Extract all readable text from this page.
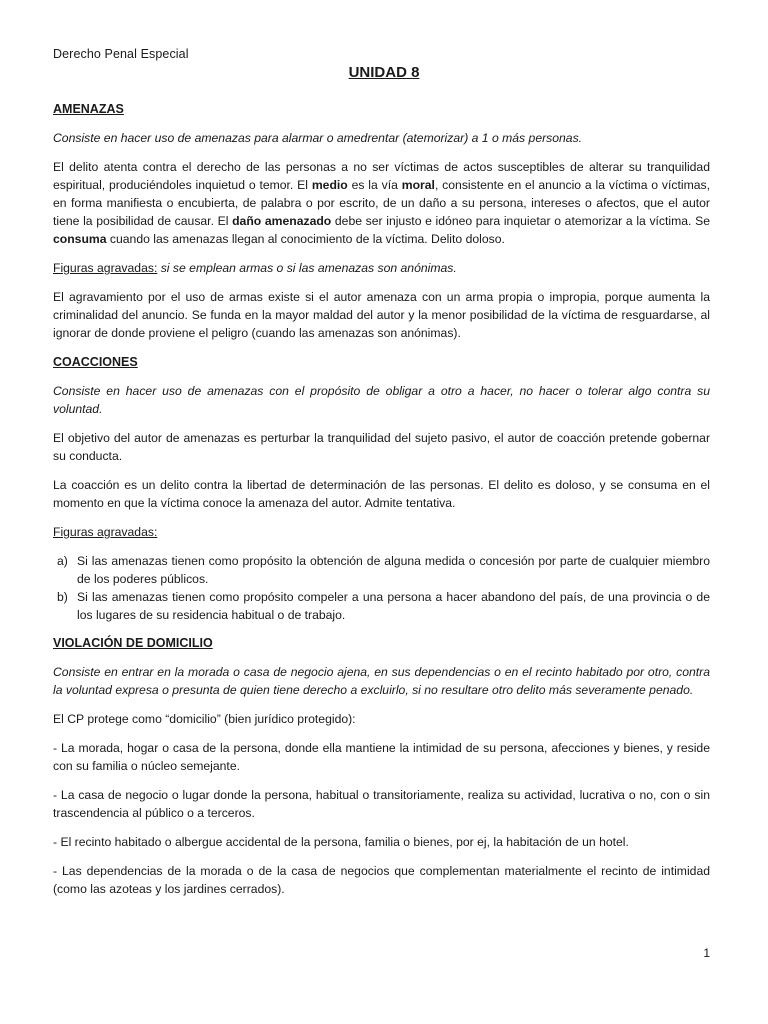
Derecho Penal Especial
UNIDAD 8
AMENAZAS

Consiste en hacer uso de amenazas para alarmar o amedrentar (atemorizar) a 1 o más personas.

El delito atenta contra el derecho de las personas a no ser víctimas de actos susceptibles de alterar su tranquilidad espiritual, produciéndoles inquietud o temor. El medio es la vía moral, consistente en el anuncio a la víctima o víctimas, en forma manifiesta o encubierta, de palabra o por escrito, de un daño a su persona, intereses o afectos, que el autor tiene la posibilidad de causar. El daño amenazado debe ser injusto e idóneo para inquietar o atemorizar a la víctima. Se consuma cuando las amenazas llegan al conocimiento de la víctima. Delito doloso.

Figuras agravadas: si se emplean armas o si las amenazas son anónimas.

El agravamiento por el uso de armas existe si el autor amenaza con un arma propia o impropia, porque aumenta la criminalidad del anuncio. Se funda en la mayor maldad del autor y la menor posibilidad de la víctima de resguardarse, al ignorar de donde proviene el peligro (cuando las amenazas son anónimas).

COACCIONES

Consiste en hacer uso de amenazas con el propósito de obligar a otro a hacer, no hacer o tolerar algo contra su voluntad.

El objetivo del autor de amenazas es perturbar la tranquilidad del sujeto pasivo, el autor de coacción pretende gobernar su conducta.

La coacción es un delito contra la libertad de determinación de las personas. El delito es doloso, y se consuma en el momento en que la víctima conoce la amenaza del autor. Admite tentativa.

Figuras agravadas:

a) Si las amenazas tienen como propósito la obtención de alguna medida o concesión por parte de cualquier miembro de los poderes públicos.
b) Si las amenazas tienen como propósito compeler a una persona a hacer abandono del país, de una provincia o de los lugares de su residencia habitual o de trabajo.
VIOLACIÓN DE DOMICILIO

Consiste en entrar en la morada o casa de negocio ajena, en sus dependencias o en el recinto habitado por otro, contra la voluntad expresa o presunta de quien tiene derecho a excluirlo, si no resultare otro delito más severamente penado.

El CP protege como “domicilio” (bien jurídico protegido):

- La morada, hogar o casa de la persona, donde ella mantiene la intimidad de su persona, afecciones y bienes, y reside con su familia o núcleo semejante.

- La casa de negocio o lugar donde la persona, habitual o transitoriamente, realiza su actividad, lucrativa o no, con o sin trascendencia al público o a terceros.

- El recinto habitado o albergue accidental de la persona, familia o bienes, por ej, la habitación de un hotel.

- Las dependencias de la morada o de la casa de negocios que complementan materialmente el recinto de intimidad (como las azoteas y los jardines cerrados).

1
